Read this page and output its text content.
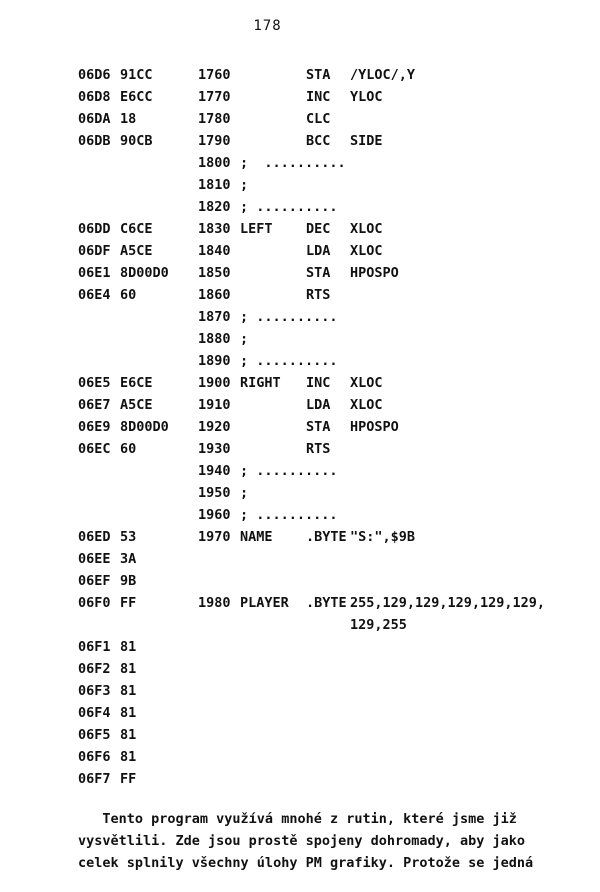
178
06D6 91CC	1760	STA /YLOC/,Y
06D8 E6CC	1770	INC YLOC
06DA 18	1780	CLC
06DB 90CB	1790	BCC SIDE
1800 ;  ..........
1810 ;
1820 ; ..........
06DD C6CE	1830 LEFT DEC XLOC
06DF A5CE	1840	LDA XLOC
06E1 8D00D0 1850	STA HPOSPO
06E4 60	1860	RTS
1870 ; ..........
1880 ;
1890 ; ..........
06E5 E6CE	1900 RIGHT INC XLOC
06E7 A5CE	1910	LDA XLOC
06E9 8D00D0 1920	STA HPOSPO
06EC 60	1930	RTS
1940 ; ..........
1950 ;
1960 ; ..........
06ED 53	1970 NAME .BYTE "S:",$9B
06EE 3A
06EF 9B
06F0 FF	1980 PLAYER .BYTE 255,129,129,129,129,129,
129,255
06F1 81
06F2 81
06F3 81
06F4 81
06F5 81
06F6 81
06F7 FF
Tento program využívá mnohé z rutin, které jsme již
vysvětlili. Zde jsou prostě spojeny dohromady, aby jako
celek splnily všechny úlohy PM grafiky. Protože se jedná
